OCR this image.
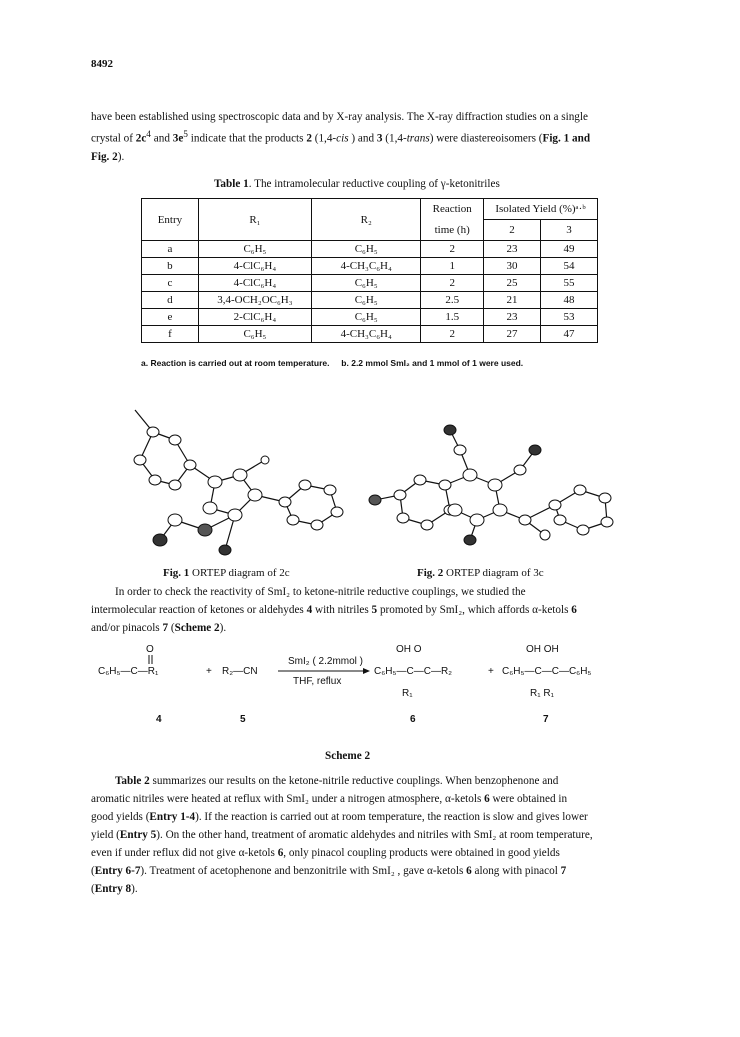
8492
have been established using spectroscopic data and by X-ray analysis. The X-ray diffraction studies on a single
crystal of $2c^4$ and $3e^5$ indicate that the products 2 (1,4-cis ) and 3 (1,4-trans) were diastereoisomers (Fig. 1 and
Fig. 2).
Table 1. The intramolecular reductive coupling of γ-ketonitriles
Entry	R₁	R₂	Reaction	Isolated Yield (%)ᵃ·ᵇ	
			time (h)	2	3
a	C₆H₅	C₆H₅	2	23	49
b	4-ClC₆H₄	4-CH₃C₆H₄	1	30	54
c	4-ClC₆H₄	C₆H₅	2	25	55
d	3,4-OCH₂OC₆H₃	C₆H₅	2.5	21	48
e	2-ClC₆H₄	C₆H₅	1.5	23	53
f	C₆H₅	4-CH₃C₆H₄	2	27	47
a. Reaction is carried out at room temperature. b. 2.2 mmol SmI₂ and 1 mmol of 1 were used.
Fig. 1 ORTEP diagram of 2c	Fig. 2 ORTEP diagram of 3c
In order to check the reactivity of SmI₂ to ketone-nitrile reductive couplings, we studied the
intermolecular reaction of ketones or aldehydes 4 with nitriles 5 promoted by SmI₂, which affords α-ketols 6
and/or pinacols 7 (Scheme 2).
O
C₆H₅—C—R₁	+ R₂—CN
SmI₂ ( 2.2mmol )
THF, reflux
OH O
C₆H₅—C—C—R₂
R₁
+
OH OH
C₆H₅—C—C—C₆H₅
R₁ R₁
4	5	6	7
Scheme 2
Table 2 summarizes our results on the ketone-nitrile reductive couplings. When benzophenone and
aromatic nitriles were heated at reflux with SmI₂ under a nitrogen atmosphere, α-ketols 6 were obtained in
good yields (Entry 1-4). If the reaction is carried out at room temperature, the reaction is slow and gives lower
yield (Entry 5). On the other hand, treatment of aromatic aldehydes and nitriles with SmI₂ at room temperature,
even if under reflux did not give α-ketols 6, only pinacol coupling products were obtained in good yields
(Entry 6-7). Treatment of acetophenone and benzonitrile with SmI₂ , gave α-ketols 6 along with pinacol 7
(Entry 8).
